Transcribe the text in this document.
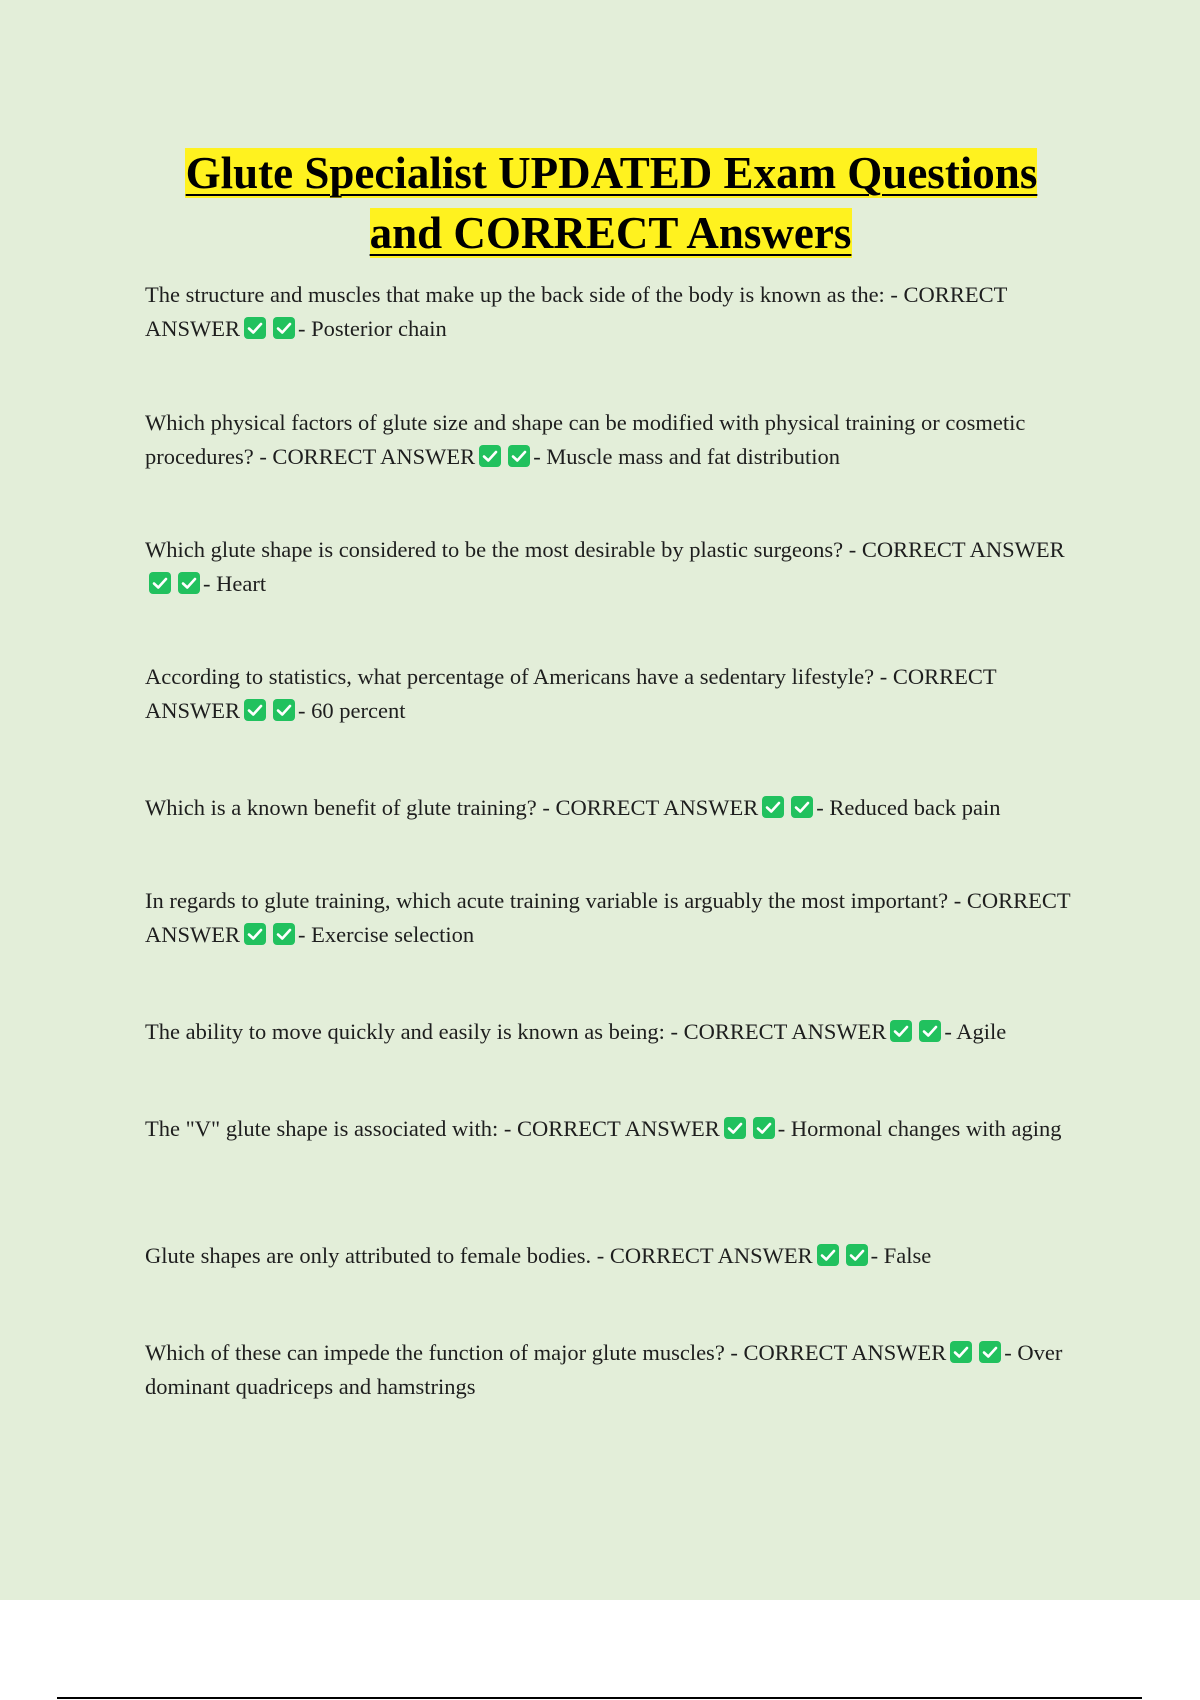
Glute Specialist UPDATED Exam Questions and CORRECT Answers
The structure and muscles that make up the back side of the body is known as the: - CORRECT ANSWER	- Posterior chain
Which physical factors of glute size and shape can be modified with physical training or cosmetic procedures? - CORRECT ANSWER	- Muscle mass and fat distribution
Which glute shape is considered to be the most desirable by plastic surgeons? - CORRECT ANSWER
- Heart
According to statistics, what percentage of Americans have a sedentary lifestyle? - CORRECT ANSWER	- 60 percent
Which is a known benefit of glute training? - CORRECT ANSWER	- Reduced back pain
In regards to glute training, which acute training variable is arguably the most important? - CORRECT ANSWER	- Exercise selection
The ability to move quickly and easily is known as being: - CORRECT ANSWER	- Agile
The "V" glute shape is associated with: - CORRECT ANSWER	- Hormonal changes with aging
Glute shapes are only attributed to female bodies. - CORRECT ANSWER	- False
Which of these can impede the function of major glute muscles? - CORRECT ANSWER	- Over dominant quadriceps and hamstrings
